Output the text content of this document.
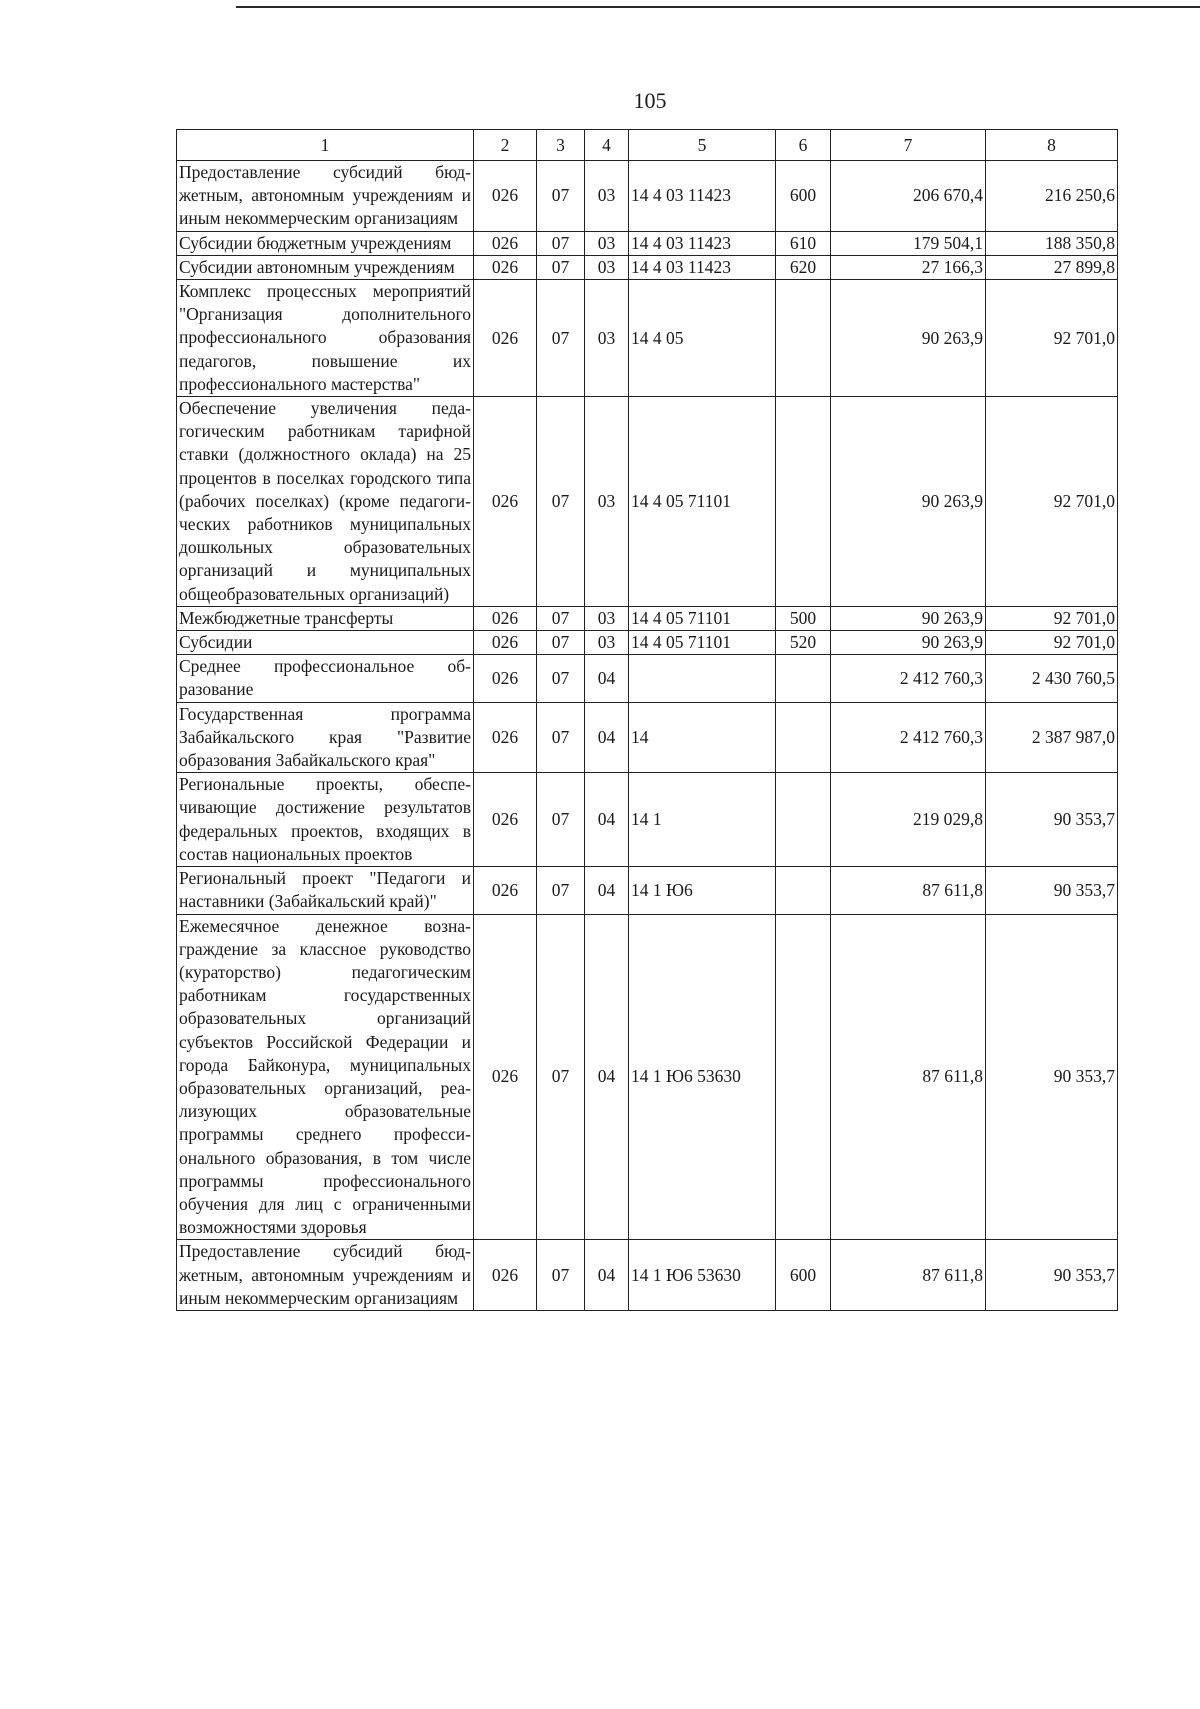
105
1	2	3	4	5	6	7	8
Предоставление субсидий бюджетным, автономным учреждениям и иным некоммерческим организациям	026	07	03	14 4 03 11423	600	206 670,4	216 250,6
Субсидии бюджетным учреждениям	026	07	03	14 4 03 11423	610	179 504,1	188 350,8
Субсидии автономным учреждениям	026	07	03	14 4 03 11423	620	27 166,3	27 899,8
Комплекс процессных мероприятий "Организация дополнительного профессионального образования педагогов, повышение их профессионального мастерства"	026	07	03	14 4 05		90 263,9	92 701,0
Обеспечение увеличения педагогическим работникам тарифной ставки (должностного оклада) на 25 процентов в поселках городского типа (рабочих поселках) (кроме педагогических работников муниципальных дошкольных образовательных организаций и муниципальных общеобразовательных организаций)	026	07	03	14 4 05 71101		90 263,9	92 701,0
Межбюджетные трансферты	026	07	03	14 4 05 71101	500	90 263,9	92 701,0
Субсидии	026	07	03	14 4 05 71101	520	90 263,9	92 701,0
Среднее профессиональное образование	026	07	04			2 412 760,3	2 430 760,5
Государственная программа Забайкальского края "Развитие образования Забайкальского края"	026	07	04	14		2 412 760,3	2 387 987,0
Региональные проекты, обеспечивающие достижение результатов федеральных проектов, входящих в состав национальных проектов	026	07	04	14 1		219 029,8	90 353,7
Региональный проект "Педагоги и наставники (Забайкальский край)"	026	07	04	14 1 Ю6		87 611,8	90 353,7
Ежемесячное денежное вознаграждение за классное руководство (кураторство) педагогическим работникам государственных образовательных организаций субъектов Российской Федерации и города Байконура, муниципальных образовательных организаций, реализующих образовательные программы среднего профессионального образования, в том числе программы профессионального обучения для лиц с ограниченными возможностями здоровья	026	07	04	14 1 Ю6 53630		87 611,8	90 353,7
Предоставление субсидий бюджетным, автономным учреждениям и иным некоммерческим организациям	026	07	04	14 1 Ю6 53630	600	87 611,8	90 353,7
